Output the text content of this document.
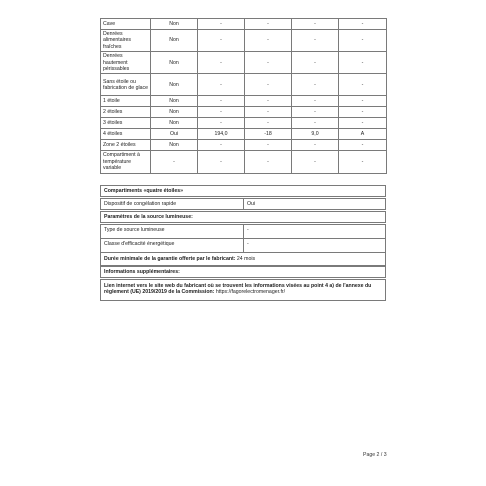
Cave	Non	-	-	-	-
Denrées alimentaires fraîches	Non	-	-	-	-
Denrées hautement périssables	Non	-	-	-	-
Sans étoile ou fabrication de glace	Non	-	-	-	-
1 étoile	Non	-	-	-	-
2 étoiles	Non	-	-	-	-
3 étoiles	Non	-	-	-	-
4 étoiles	Oui	194,0	-18	9,0	A
Zone 2 étoiles	Non	-	-	-	-
Compartiment à température variable	-	-	-	-	-
Compartiments «quatre étoiles»
Dispositif de congélation rapide	Oui
Paramètres de la source lumineuse:
Type de source lumineuse	-
Classe d'efficacité énergétique	-
Durée minimale de la garantie offerte par le fabricant: 24 mois
Informations supplémentaires:
Lien internet vers le site web du fabricant où se trouvent les informations visées au point 4 a) de l'annexe du règlement (UE) 2019/2019 de la Commission: https://fagorelectromenager.fr/
Page 2 / 3
